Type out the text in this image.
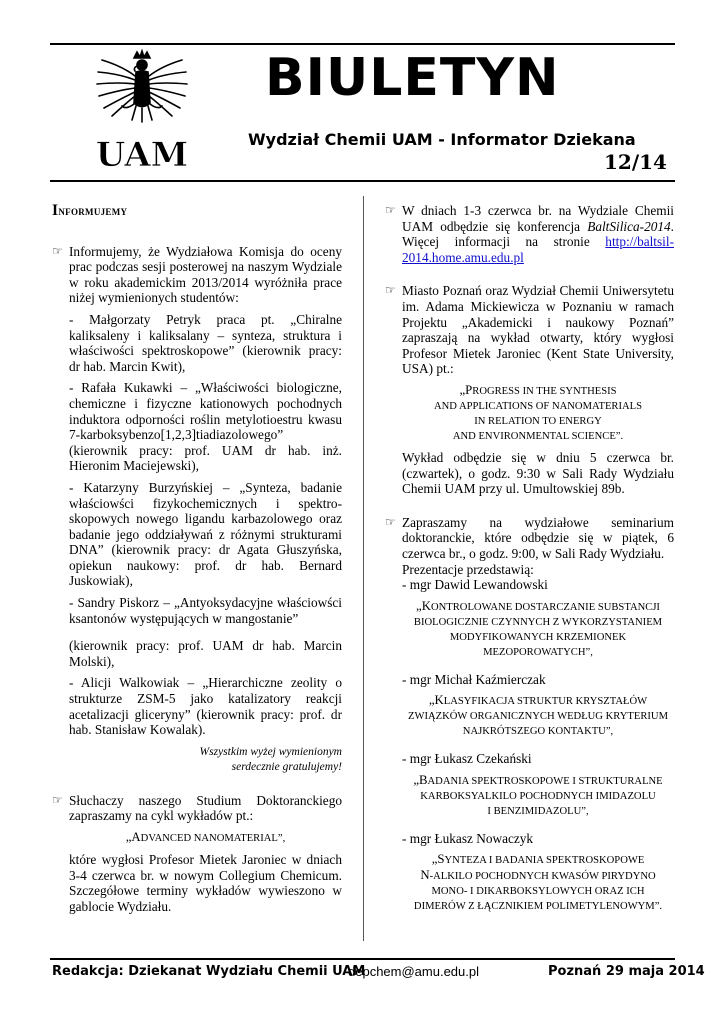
UAM
BIULETYN
Wydział Chemii UAM - Informator Dziekana
12/14
Informujemy
☞ Informujemy, że Wydziałowa Komisja do oceny prac podczas sesji posterowej na naszym Wydziale w roku akademickim 2013/2014 wyróżniła prace niżej wymienionych studentów:
- Małgorzaty Petryk praca pt. „Chiralne kaliksaleny i kaliksalany – synteza, struktura i właściwości spektroskopowe” (kierownik pracy: dr hab. Marcin Kwit),
- Rafała Kukawki – „Właściwości biologiczne, chemiczne i fizyczne kationowych pochodnych induktora odporności roślin metylotioestru kwasu 7-karboksybenzo[1,2,3]tiadiazolowego” (kierownik pracy: prof. UAM dr hab. inż. Hieronim Maciejewski),
- Katarzyny Burzyńskiej – „Synteza, badanie właściowści fizykochemicznych i spektro-skopowych nowego ligandu karbazolowego oraz badanie jego oddziaływań z różnymi strukturami DNA” (kierownik pracy: dr Agata Głuszyńska, opiekun naukowy: prof. dr hab. Bernard Juskowiak),
- Sandry Piskorz – „Antyoksydacyjne właściowści ksantonów występujących w mangostanie”
(kierownik pracy: prof. UAM dr hab. Marcin Molski),
- Alicji Walkowiak – „Hierarchiczne zeolity o strukturze ZSM-5 jako katalizatory reakcji acetalizacji gliceryny” (kierownik pracy: prof. dr hab. Stanisław Kowalak).
Wszystkim wyżej wymienionym
serdecznie gratulujemy!
☞ Słuchaczy naszego Studium Doktoranckiego zapraszamy na cykl wykładów pt.:
„ADVANCED NANOMATERIAL”,
które wygłosi Profesor Mietek Jaroniec w dniach 3-4 czerwca br. w nowym Collegium Chemicum. Szczegółowe terminy wykładów wywieszono w gablocie Wydziału.
☞ W dniach 1-3 czerwca br. na Wydziale Chemii UAM odbędzie się konferencja BaltSilica-2014. Więcej informacji na stronie http://baltsil-2014.home.amu.edu.pl
☞ Miasto Poznań oraz Wydział Chemii Uniwersytetu im. Adama Mickiewicza w Poznaniu w ramach Projektu „Akademicki i naukowy Poznań” zapraszają na wykład otwarty, który wygłosi Profesor Mietek Jaroniec (Kent State University, USA) pt.:
„PROGRESS IN THE SYNTHESIS
AND APPLICATIONS OF NANOMATERIALS
IN RELATION TO ENERGY
AND ENVIRONMENTAL SCIENCE”.
Wykład odbędzie się w dniu 5 czerwca br. (czwartek), o godz. 9:30 w Sali Rady Wydziału Chemii UAM przy ul. Umultowskiej 89b.
☞ Zapraszamy na wydziałowe seminarium doktoranckie, które odbędzie się w piątek, 6 czerwca br., o godz. 9:00, w Sali Rady Wydziału.
Prezentacje przedstawią:
- mgr Dawid Lewandowski
„KONTROLOWANE DOSTARCZANIE SUBSTANCJI
BIOLOGICZNIE CZYNNYCH Z WYKORZYSTANIEM
MODYFIKOWANYCH KRZEMIONEK
MEZOPOROWATYCH”,
- mgr Michał Kaźmierczak
„KLASYFIKACJA STRUKTUR KRYSZTAŁÓW
ZWIĄZKÓW ORGANICZNYCH WEDŁUG KRYTERIUM
NAJKRÓTSZEGO KONTAKTU”,
- mgr Łukasz Czekański
„BADANIA SPEKTROSKOPOWE I STRUKTURALNE
KARBOKSYALKILO POCHODNYCH IMIDAZOLU
I BENZIMIDAZOLU”,
- mgr Łukasz Nowaczyk
„SYNTEZA I BADANIA SPEKTROSKOPOWE
N-ALKILO POCHODNYCH KWASÓW PIRYDYNO
MONO- I DIKARBOKSYLOWYCH ORAZ ICH
DIMERÓW Z ŁĄCZNIKIEM POLIMETYLENOWYM”.
Redakcja: Dziekanat Wydziału Chemii UAM
depchem@amu.edu.pl	Poznań 29 maja 2014
